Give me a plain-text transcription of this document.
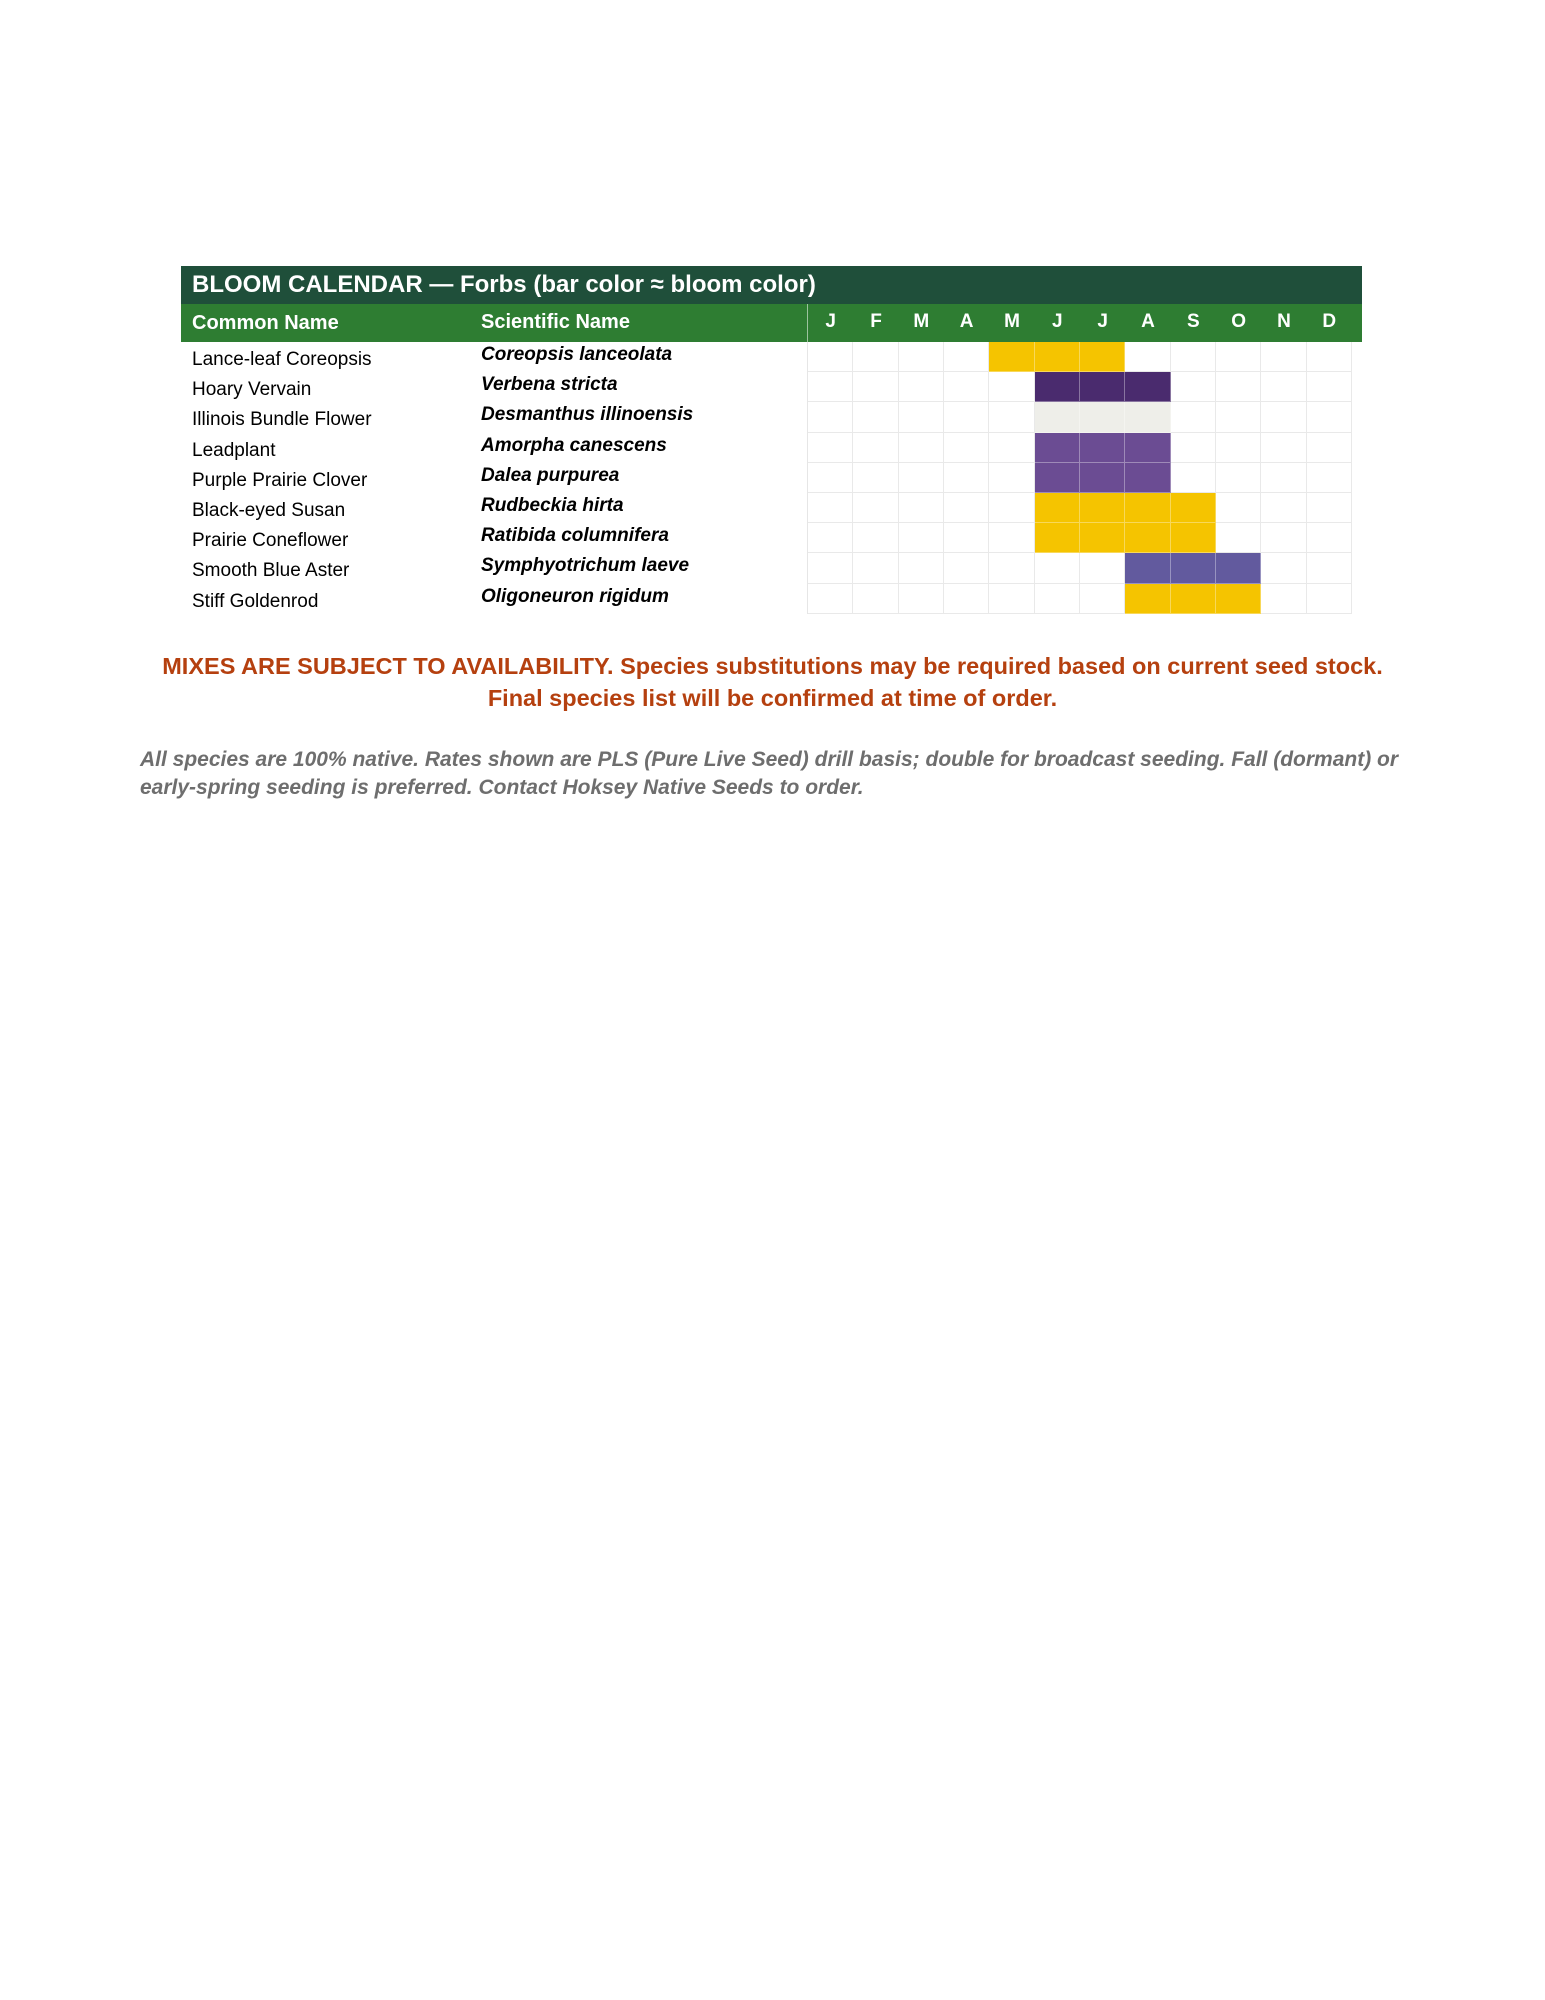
BLOOM CALENDAR — Forbs (bar color ≈ bloom color)
Common Name	Scientific Name	J	F	M	A	M	J	J	A	S	O	N	D
Lance-leaf Coreopsis	Coreopsis lanceolata
Hoary Vervain	Verbena stricta
Illinois Bundle Flower	Desmanthus illinoensis
Leadplant	Amorpha canescens
Purple Prairie Clover	Dalea purpurea
Black-eyed Susan	Rudbeckia hirta
Prairie Coneflower	Ratibida columnifera
Smooth Blue Aster	Symphyotrichum laeve
Stiff Goldenrod	Oligoneuron rigidum
MIXES ARE SUBJECT TO AVAILABILITY. Species substitutions may be required based on current seed stock. Final species list will be confirmed at time of order.
All species are 100% native. Rates shown are PLS (Pure Live Seed) drill basis; double for broadcast seeding. Fall (dormant) or early-spring seeding is preferred. Contact Hoksey Native Seeds to order.
